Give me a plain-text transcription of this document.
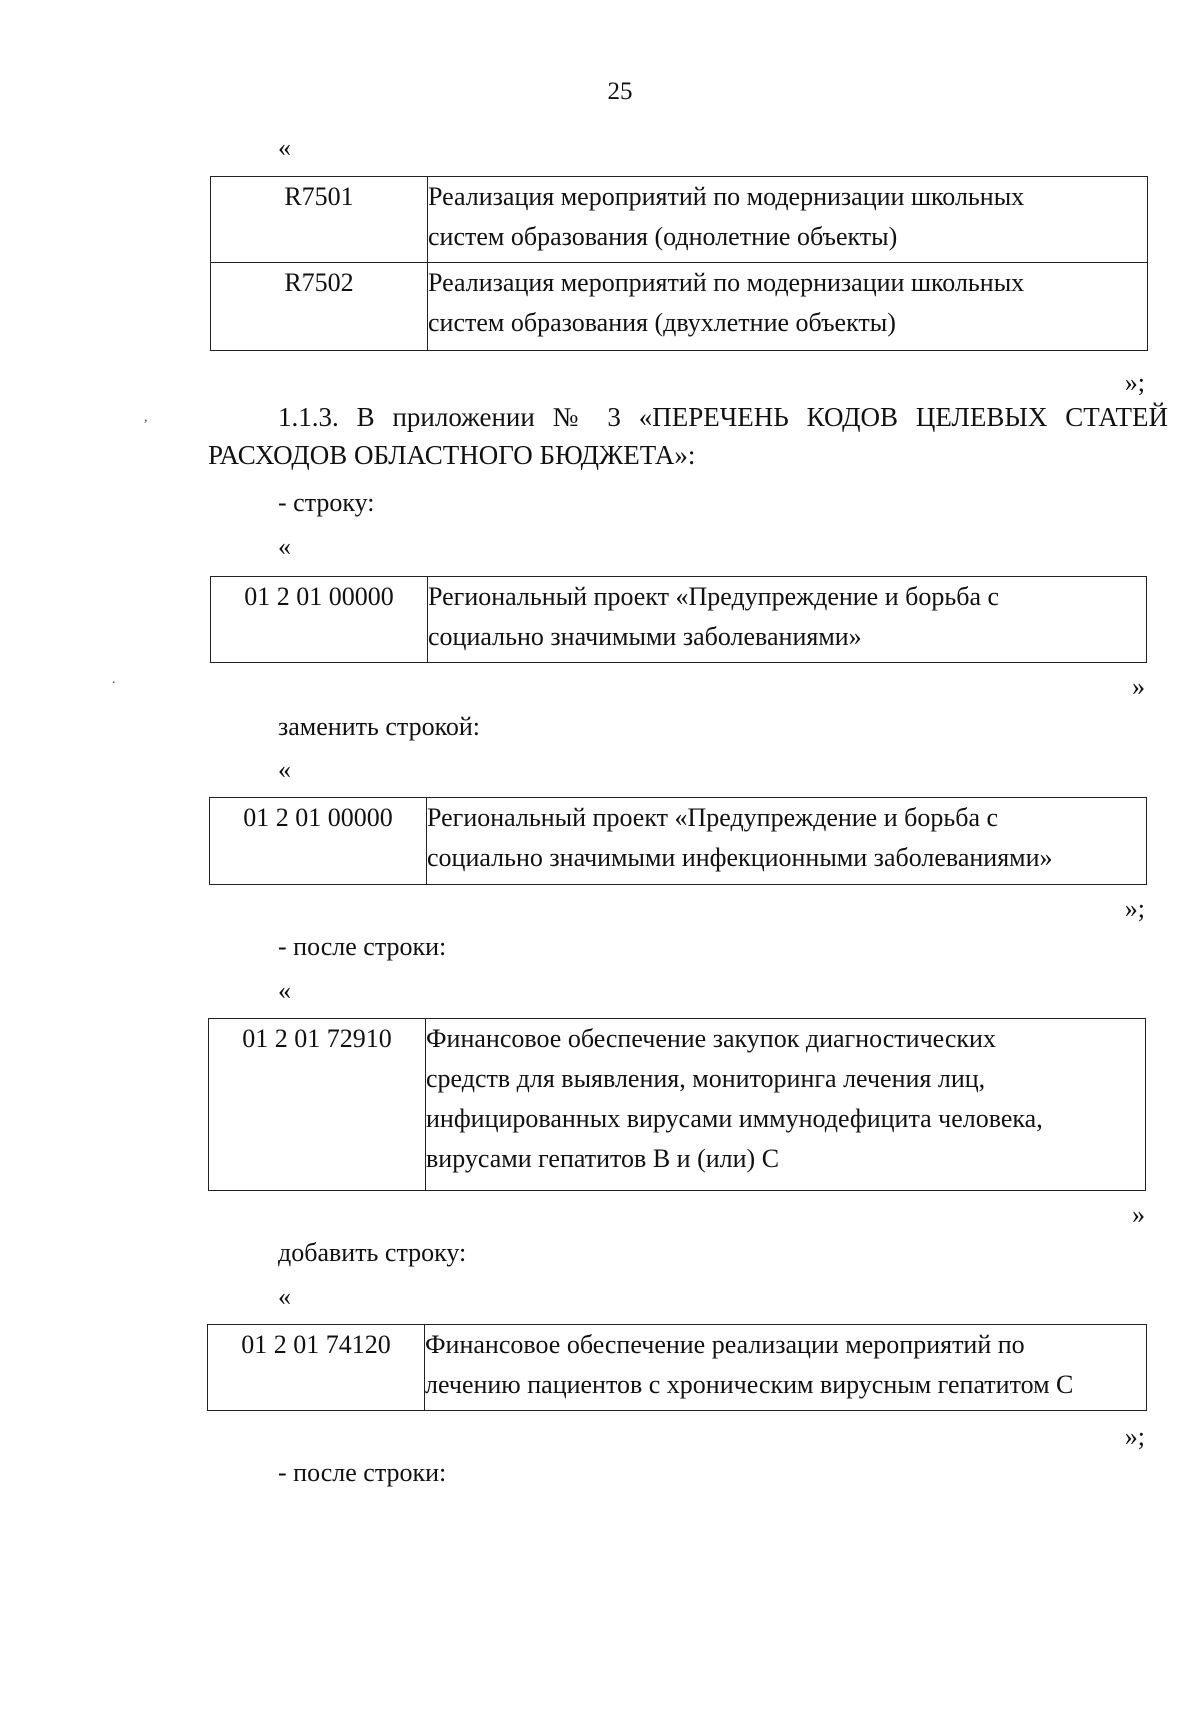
25
«
R7501	Реализация мероприятий по модернизации школьных
систем образования (однолетние объекты)

R7502	Реализация мероприятий по модернизации школьных
систем образования (двухлетние объекты)
»;
,	1.1.3. В приложении № 3 «ПЕРЕЧЕНЬ КОДОВ ЦЕЛЕВЫХ СТАТЕЙ РАСХОДОВ ОБЛАСТНОГО БЮДЖЕТА»:
- строку:
«
.
01 2 01 00000	Региональный проект «Предупреждение и борьба с
социально значимыми заболеваниями»
»
заменить строкой:
«
01 2 01 00000	Региональный проект «Предупреждение и борьба с
социально значимыми инфекционными заболеваниями»
»;
- после строки:
«
01 2 01 72910	Финансовое обеспечение закупок диагностических
средств для выявления, мониторинга лечения лиц,
инфицированных вирусами иммунодефицита человека,
вирусами гепатитов В и (или) С
»
добавить строку:
«
01 2 01 74120	Финансовое обеспечение реализации мероприятий по
лечению пациентов с хроническим вирусным гепатитом С
»;
- после строки:
